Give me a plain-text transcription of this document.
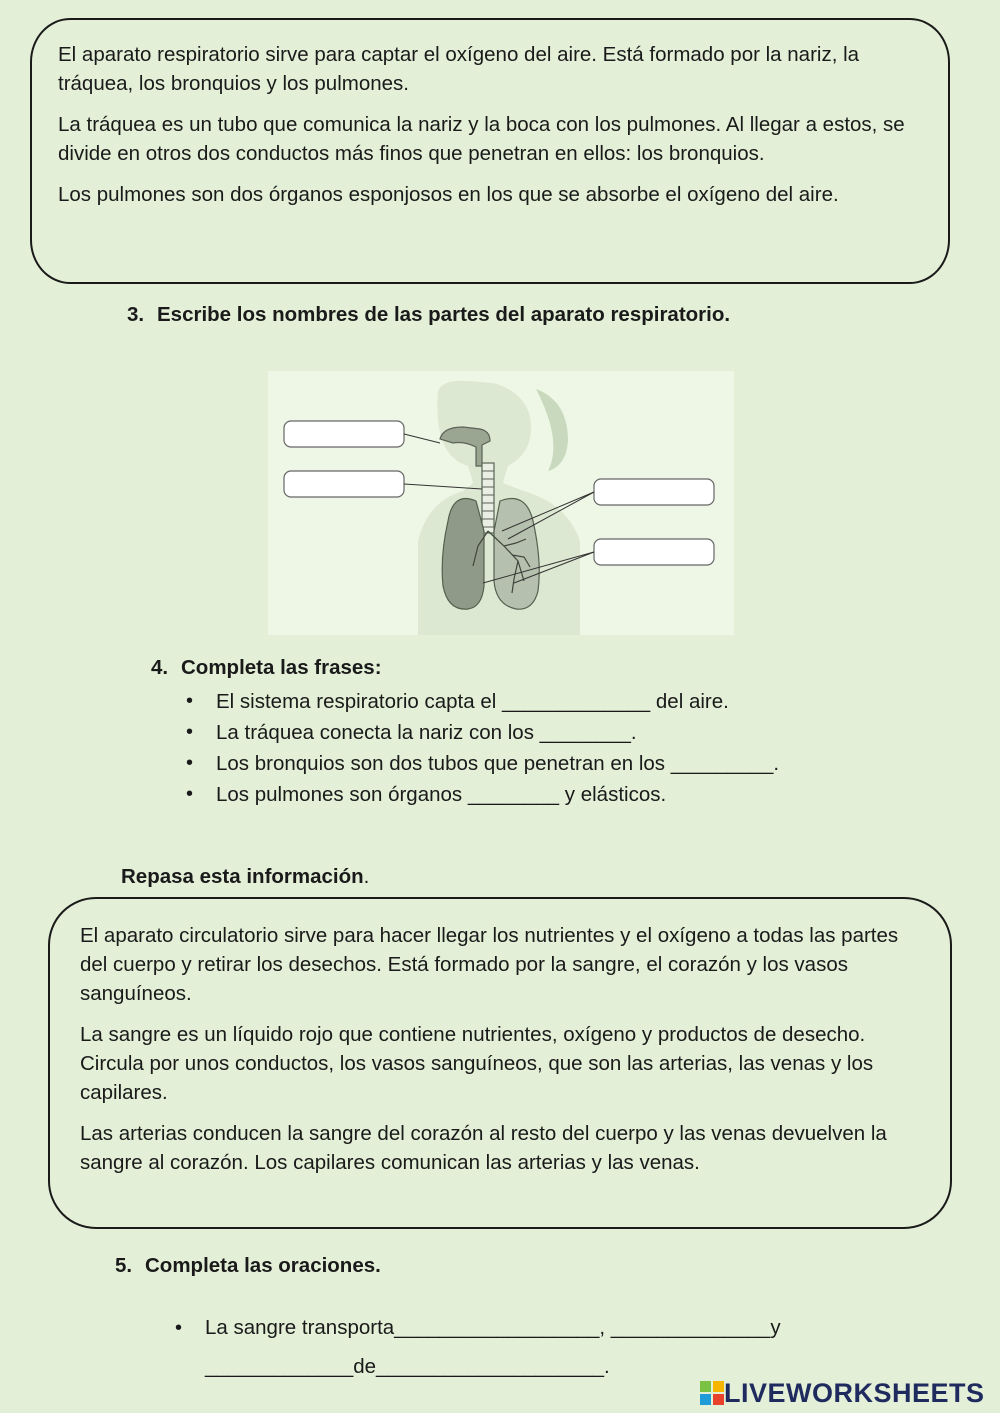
El aparato respiratorio sirve para captar el oxígeno del aire. Está formado por la nariz, la tráquea, los bronquios y los pulmones.

La tráquea es un tubo que comunica la nariz y la boca con los pulmones. Al llegar a estos, se divide en otros dos conductos más finos que penetran en ellos: los bronquios.

Los pulmones son dos órganos esponjosos en los que se absorbe el oxígeno del aire.

3. Escribe los nombres de las partes del aparato respiratorio.

4. Completa las frases:

• El sistema respiratorio capta el _____________ del aire.
• La tráquea conecta la nariz con los ________.
• Los bronquios son dos tubos que penetran en los _________.
• Los pulmones son órganos ________ y elásticos.

Repasa esta información.

El aparato circulatorio sirve para hacer llegar los nutrientes y el oxígeno a todas las partes del cuerpo y retirar los desechos. Está formado por la sangre, el corazón y los vasos sanguíneos.

La sangre es un líquido rojo que contiene nutrientes, oxígeno y productos de desecho. Circula por unos conductos, los vasos sanguíneos, que son las arterias, las venas y los capilares.

Las arterias conducen la sangre del corazón al resto del cuerpo y las venas devuelven la sangre al corazón. Los capilares comunican las arterias y las venas.

5. Completa las oraciones.

• La sangre transporta__________________, ______________y
_____________de____________________.
LIVEWORKSHEETS
